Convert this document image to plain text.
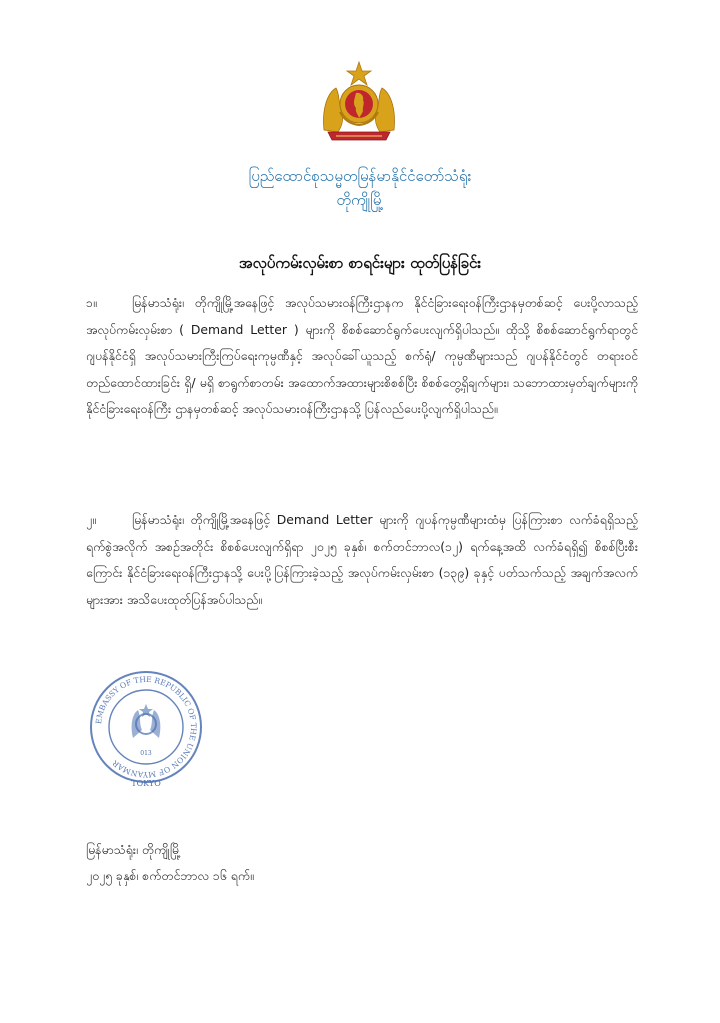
ပြည်ထောင်စုသမ္မတမြန်မာနိုင်ငံတော်သံရုံး
တိုကျိုမြို့
အလုပ်ကမ်းလှမ်းစာ စာရင်းများ ထုတ်ပြန်ခြင်း
၁။	မြန်မာသံရုံး၊ တိုကျိုမြို့အနေဖြင့် အလုပ်သမားဝန်ကြီးဌာနက နိုင်ငံခြားရေးဝန်ကြီးဌာနမှတစ်ဆင့် ပေးပို့လာသည့် အလုပ်ကမ်းလှမ်းစာ ( Demand Letter ) များကို စိစစ်ဆောင်ရွက်ပေးလျက်ရှိပါသည်။ ထိုသို့ စိစစ်ဆောင်ရွက်ရာတွင် ဂျပန်နိုင်ငံရှိ အလုပ်သမားကြီးကြပ်ရေးကုမ္ပဏီနှင့် အလုပ်ခေါ်ယူသည့် စက်ရုံ/ ကုမ္ပဏီများသည် ဂျပန်နိုင်ငံတွင် တရားဝင်တည်ထောင်ထားခြင်း ရှိ/ မရှိ စာရွက်စာတမ်း အထောက်အထားများစိစစ်ပြီး စိစစ်တွေ့ရှိချက်များ၊ သဘောထားမှတ်ချက်များကို နိုင်ငံခြားရေးဝန်ကြီး ဌာနမှတစ်ဆင့် အလုပ်သမားဝန်ကြီးဌာနသို့ ပြန်လည်ပေးပို့လျက်ရှိပါသည်။
၂။	မြန်မာသံရုံး၊ တိုကျိုမြို့အနေဖြင့် Demand Letter များကို ဂျပန်ကုမ္ပဏီများထံမှ ပြန်ကြားစာ လက်ခံရရှိသည့် ရက်စွဲအလိုက် အစဉ်အတိုင်း စိစစ်ပေးလျက်ရှိရာ ၂၀၂၅ ခုနှစ်၊ စက်တင်ဘာလ(၁၂) ရက်နေ့အထိ လက်ခံရရှိ၍ စိစစ်ပြီးစီးကြောင်း နိုင်ငံခြားရေးဝန်ကြီးဌာနသို့ ပေးပို့ပြန်ကြားခဲ့သည့် အလုပ်ကမ်းလှမ်းစာ (၁၃၉) ခုနှင့် ပတ်သက်သည့် အချက်အလက်များအား အသိပေးထုတ်ပြန်အပ်ပါသည်။
EMBASSY OF THE REPUBLIC OF THE UNION OF MYANMAR
013
TOKYO
မြန်မာသံရုံး၊ တိုကျိုမြို့
၂၀၂၅ ခုနှစ်၊ စက်တင်ဘာလ ၁၆ ရက်။
